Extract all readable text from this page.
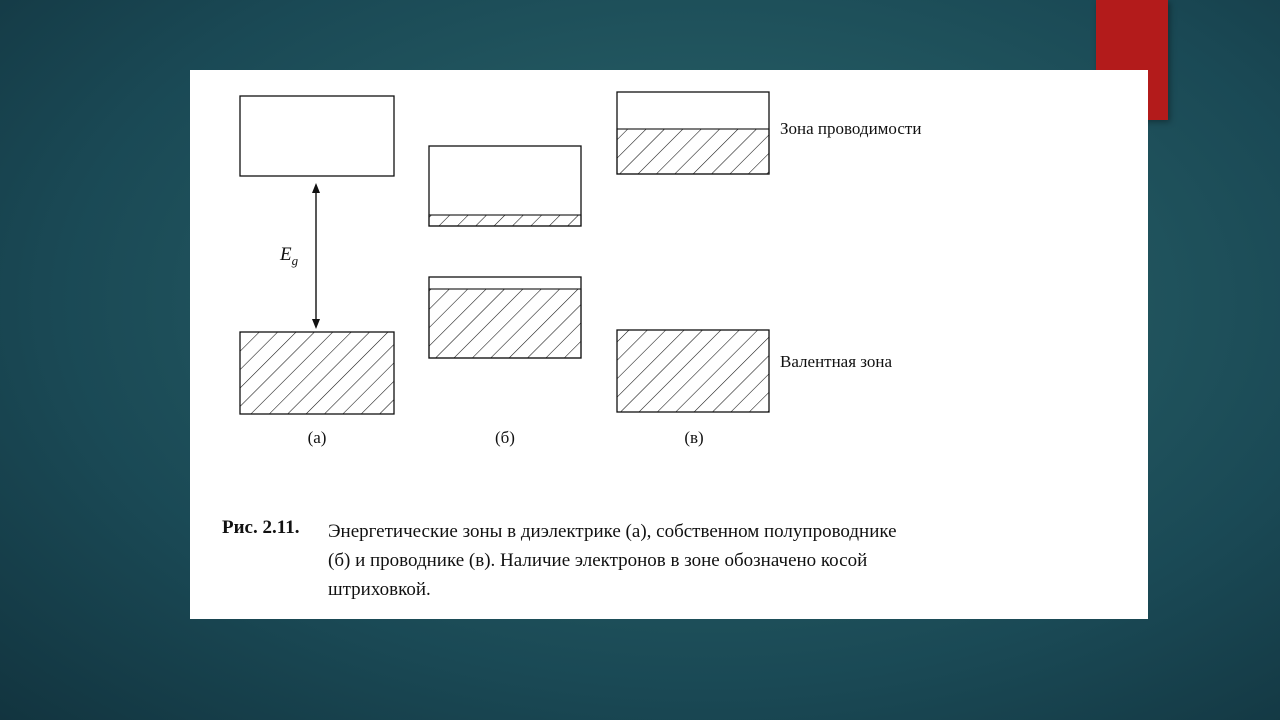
$E_g$
Зона проводимости
Валентная зона
(а)	(б)	(в)
Рис. 2.11. Энергетические зоны в диэлектрике (а), собственном полупроводнике
(б) и проводнике (в). Наличие электронов в зоне обозначено косой
штриховкой.
